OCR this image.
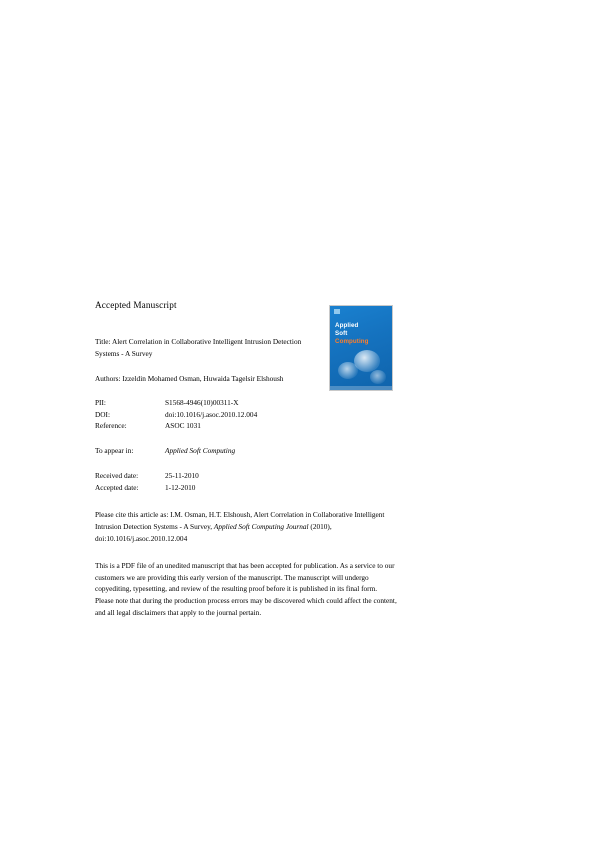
Accepted Manuscript
Title: Alert Correlation in Collaborative Intelligent Intrusion Detection Systems - A Survey
Authors: Izzeldin Mohamed Osman, Huwaida Tagelsir Elshoush
PII:	S1568-4946(10)00311-X
DOI:	doi:10.1016/j.asoc.2010.12.004
Reference:	ASOC 1031
To appear in:	Applied Soft Computing
Received date:	25-11-2010
Accepted date:	1-12-2010
Please cite this article as: I.M. Osman, H.T. Elshoush, Alert Correlation in Collaborative Intelligent Intrusion Detection Systems - A Survey, Applied Soft Computing Journal (2010), doi:10.1016/j.asoc.2010.12.004
This is a PDF file of an unedited manuscript that has been accepted for publication. As a service to our customers we are providing this early version of the manuscript. The manuscript will undergo copyediting, typesetting, and review of the resulting proof before it is published in its final form. Please note that during the production process errors may be discovered which could affect the content, and all legal disclaimers that apply to the journal pertain.
Applied
Soft
Computing
